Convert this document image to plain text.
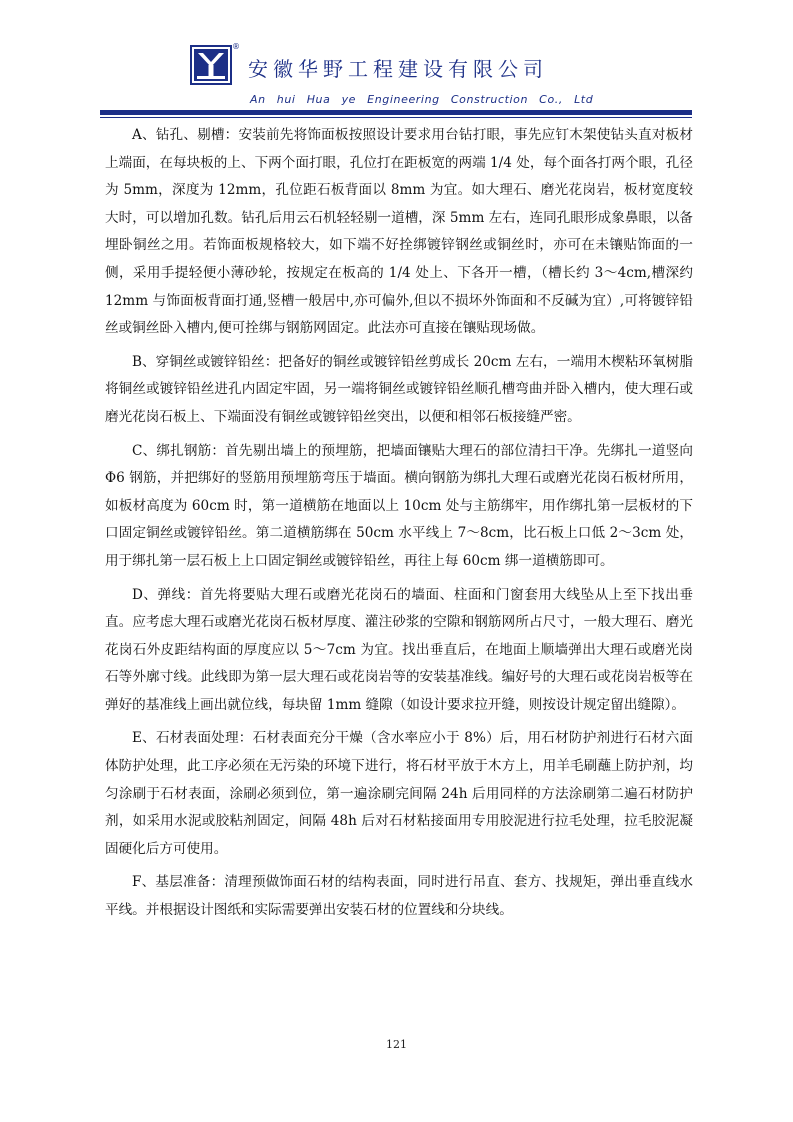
®
安徽华野工程建设有限公司
An hui Hua ye Engineering Construction Co., Ltd

A、钻孔、剔槽：安装前先将饰面板按照设计要求用台钻打眼，事先应钉木架使钻头直对板材上端面，在每块板的上、下两个面打眼，孔位打在距板宽的两端 1/4 处，每个面各打两个眼，孔径为 5mm，深度为 12mm，孔位距石板背面以 8mm 为宜。如大理石、磨光花岗岩，板材宽度较大时，可以增加孔数。钻孔后用云石机轻轻剔一道槽，深 5mm 左右，连同孔眼形成象鼻眼，以备埋卧铜丝之用。若饰面板规格较大，如下端不好拴绑镀锌钢丝或铜丝时，亦可在未镶贴饰面的一侧，采用手提轻便小薄砂轮，按规定在板高的 1/4 处上、下各开一槽，（槽长约 3～4cm,槽深约 12mm 与饰面板背面打通,竖槽一般居中,亦可偏外,但以不损坏外饰面和不反碱为宜）,可将镀锌铅丝或铜丝卧入槽内,便可拴绑与钢筋网固定。此法亦可直接在镶贴现场做。

B、穿铜丝或镀锌铅丝：把备好的铜丝或镀锌铅丝剪成长 20cm 左右，一端用木楔粘环氧树脂将铜丝或镀锌铅丝进孔内固定牢固，另一端将铜丝或镀锌铅丝顺孔槽弯曲并卧入槽内，使大理石或磨光花岗石板上、下端面没有铜丝或镀锌铅丝突出，以便和相邻石板接缝严密。

C、绑扎钢筋：首先剔出墙上的预埋筋，把墙面镶贴大理石的部位清扫干净。先绑扎一道竖向Φ6 钢筋，并把绑好的竖筋用预埋筋弯压于墙面。横向钢筋为绑扎大理石或磨光花岗石板材所用，如板材高度为 60cm 时，第一道横筋在地面以上 10cm 处与主筋绑牢，用作绑扎第一层板材的下口固定铜丝或镀锌铅丝。第二道横筋绑在 50cm 水平线上 7～8cm，比石板上口低 2～3cm 处，用于绑扎第一层石板上上口固定铜丝或镀锌铅丝，再往上每 60cm 绑一道横筋即可。

D、弹线：首先将要贴大理石或磨光花岗石的墙面、柱面和门窗套用大线坠从上至下找出垂直。应考虑大理石或磨光花岗石板材厚度、灌注砂浆的空隙和钢筋网所占尺寸，一般大理石、磨光花岗石外皮距结构面的厚度应以 5～7cm 为宜。找出垂直后，在地面上顺墙弹出大理石或磨光岗石等外廓寸线。此线即为第一层大理石或花岗岩等的安装基准线。编好号的大理石或花岗岩板等在弹好的基准线上画出就位线，每块留 1mm 缝隙（如设计要求拉开缝，则按设计规定留出缝隙）。

E、石材表面处理：石材表面充分干燥（含水率应小于 8%）后，用石材防护剂进行石材六面体防护处理，此工序必须在无污染的环境下进行，将石材平放于木方上，用羊毛刷蘸上防护剂，均匀涂刷于石材表面，涂刷必须到位，第一遍涂刷完间隔 24h 后用同样的方法涂刷第二遍石材防护剂，如采用水泥或胶粘剂固定，间隔 48h 后对石材粘接面用专用胶泥进行拉毛处理，拉毛胶泥凝固硬化后方可使用。

F、基层准备：清理预做饰面石材的结构表面，同时进行吊直、套方、找规矩，弹出垂直线水平线。并根据设计图纸和实际需要弹出安装石材的位置线和分块线。

121
